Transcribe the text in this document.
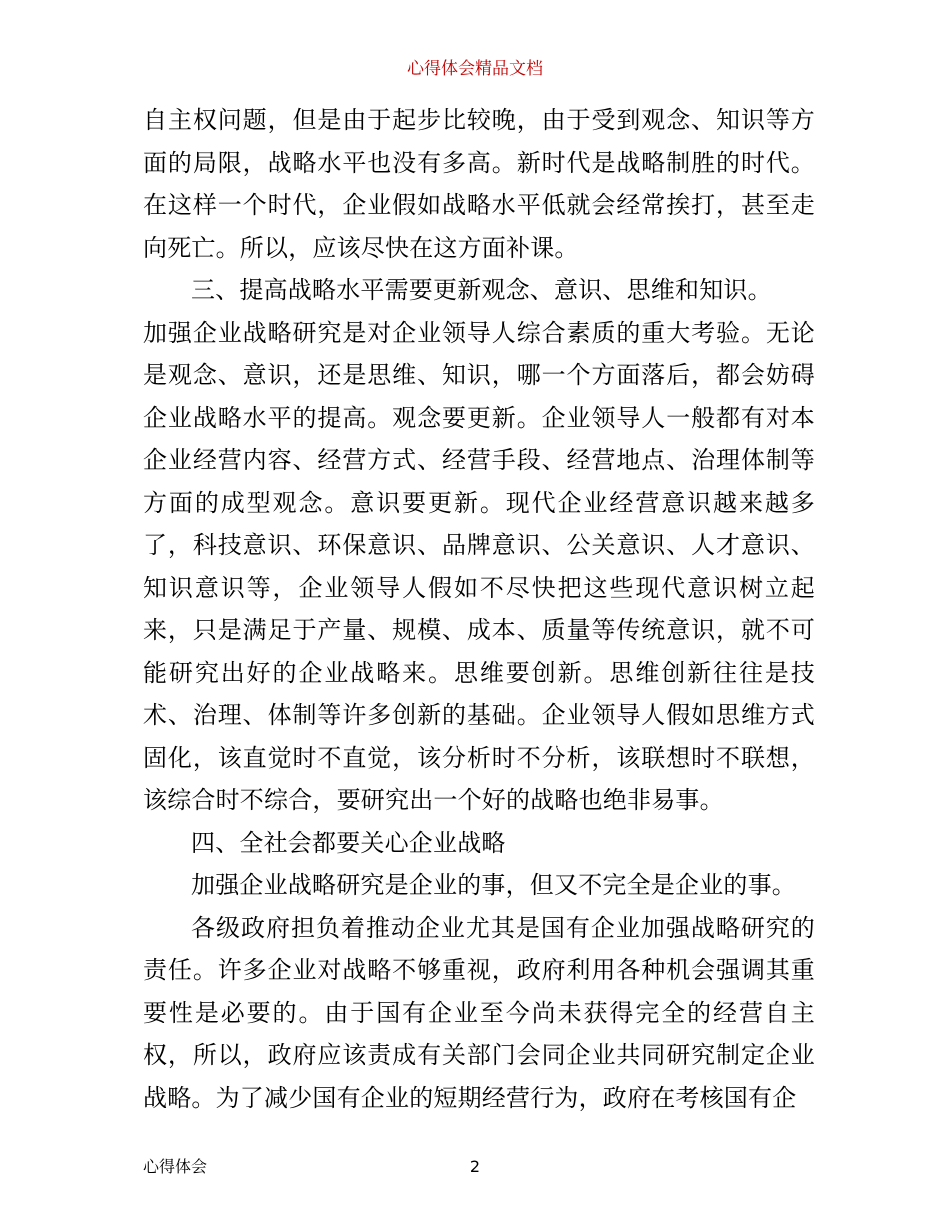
心得体会精品文档

自主权问题，但是由于起步比较晚，由于受到观念、知识等方面的局限，战略水平也没有多高。新时代是战略制胜的时代。在这样一个时代，企业假如战略水平低就会经常挨打，甚至走向死亡。所以，应该尽快在这方面补课。

三、提高战略水平需要更新观念、意识、思维和知识。

加强企业战略研究是对企业领导人综合素质的重大考验。无论是观念、意识，还是思维、知识，哪一个方面落后，都会妨碍企业战略水平的提高。观念要更新。企业领导人一般都有对本企业经营内容、经营方式、经营手段、经营地点、治理体制等方面的成型观念。意识要更新。现代企业经营意识越来越多了，科技意识、环保意识、品牌意识、公关意识、人才意识、知识意识等，企业领导人假如不尽快把这些现代意识树立起来，只是满足于产量、规模、成本、质量等传统意识，就不可能研究出好的企业战略来。思维要创新。思维创新往往是技术、治理、体制等许多创新的基础。企业领导人假如思维方式固化，该直觉时不直觉，该分析时不分析，该联想时不联想，该综合时不综合，要研究出一个好的战略也绝非易事。

四、全社会都要关心企业战略

加强企业战略研究是企业的事，但又不完全是企业的事。

各级政府担负着推动企业尤其是国有企业加强战略研究的责任。许多企业对战略不够重视，政府利用各种机会强调其重要性是必要的。由于国有企业至今尚未获得完全的经营自主权，所以，政府应该责成有关部门会同企业共同研究制定企业战略。为了减少国有企业的短期经营行为，政府在考核国有企

心得体会	2
